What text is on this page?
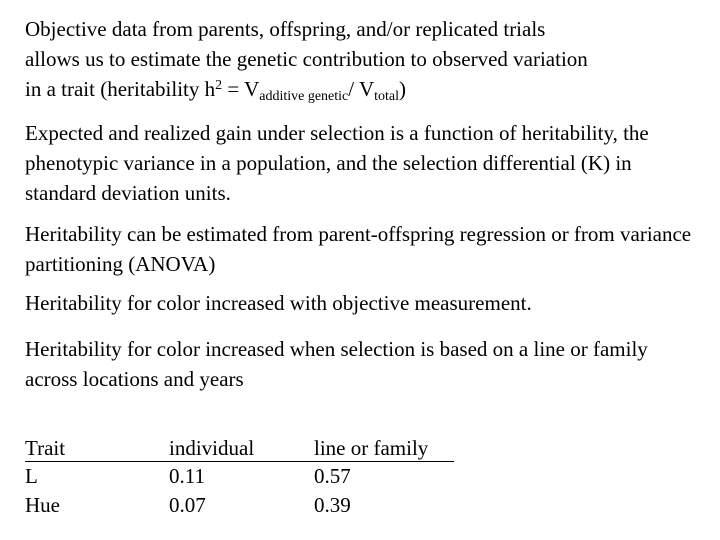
Objective data from parents, offspring, and/or replicated trials
allows us to estimate the genetic contribution to observed variation
in a trait (heritability $h^2 = V_{additive genetic}/$ $V_{total}$)

Expected and realized gain under selection is a function of heritability, the phenotypic variance in a population, and the selection differential (K) in standard deviation units.

Heritability can be estimated from parent-offspring regression or from variance partitioning (ANOVA)

Heritability for color increased with objective measurement.

Heritability for color increased when selection is based on a line or family across locations and years

Trait
L
Hue
individual
0.11
0.07
line or family
0.57
0.39
